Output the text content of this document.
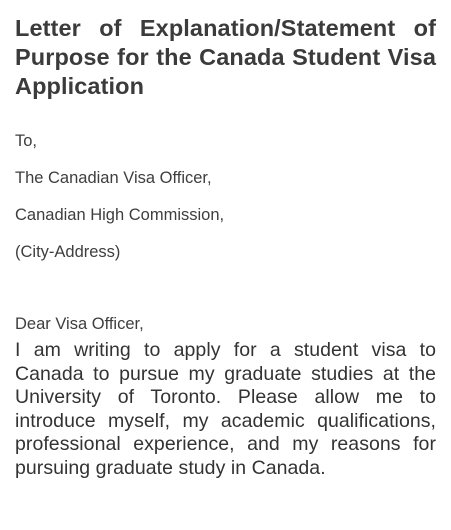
Letter of Explanation/Statement of Purpose for the Canada Student Visa Application

To,

The Canadian Visa Officer,

Canadian High Commission,

(City-Address)

Dear Visa Officer,

I am writing to apply for a student visa to Canada to pursue my graduate studies at the University of Toronto. Please allow me to introduce myself, my academic qualifications, professional experience, and my reasons for pursuing graduate study in Canada.
